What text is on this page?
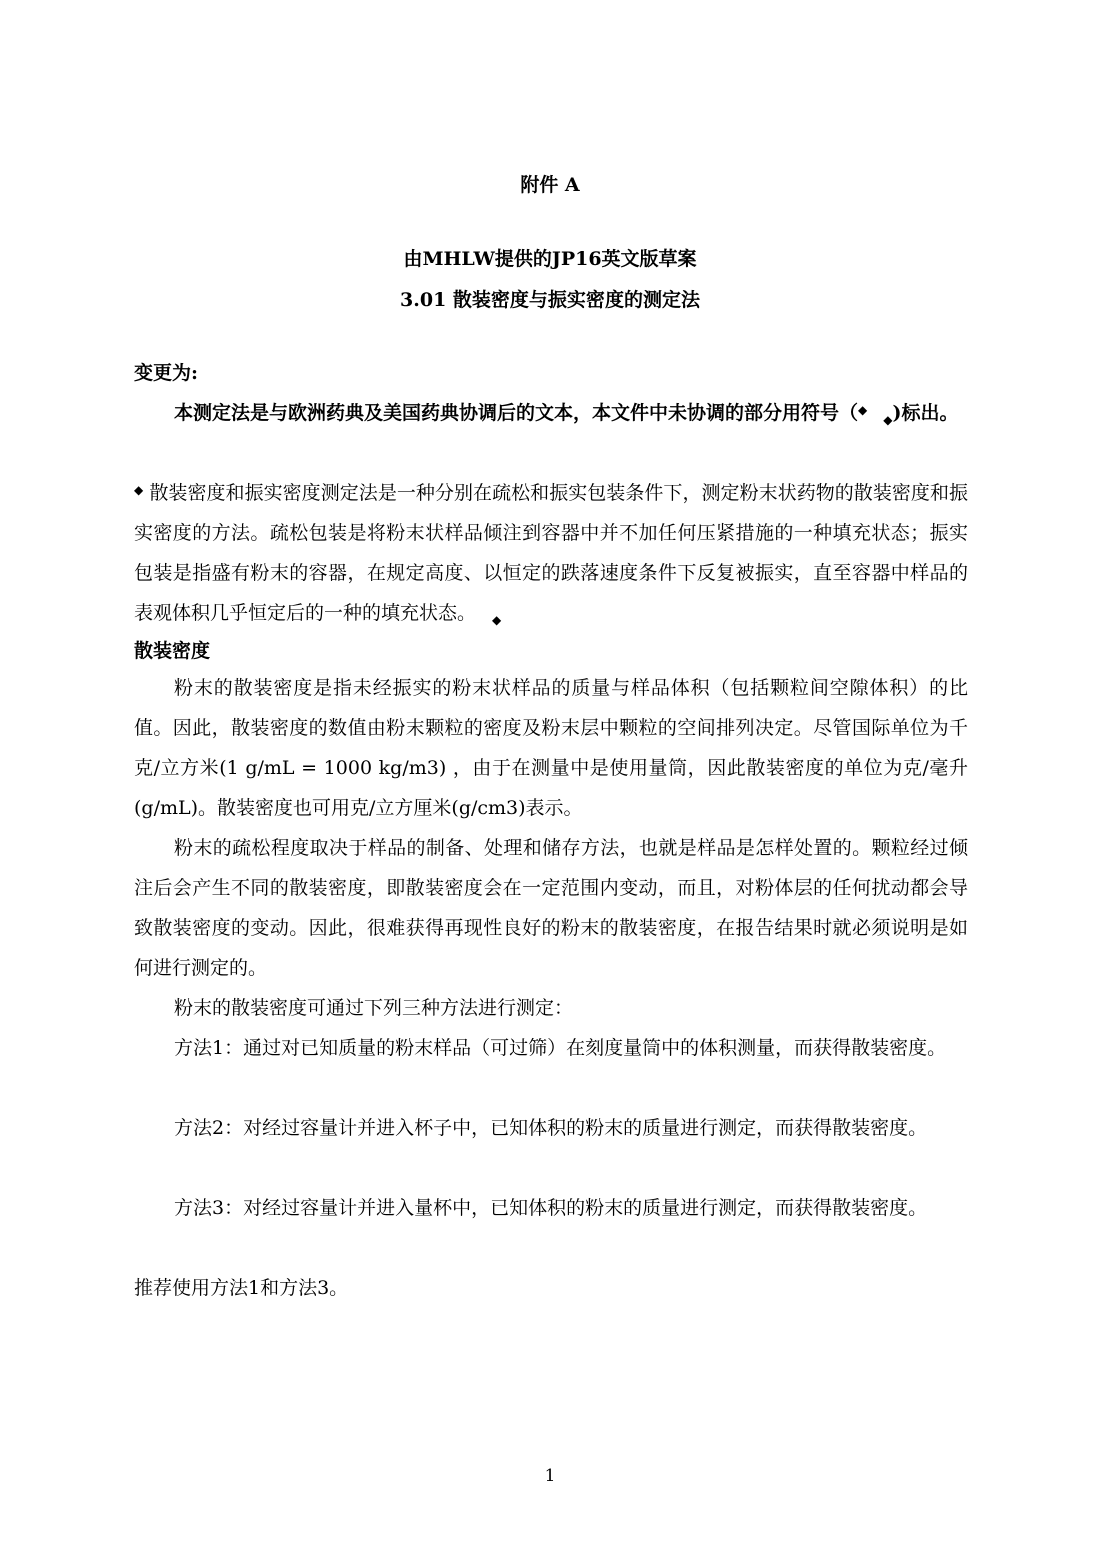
附件 A

由MHLW提供的JP16英文版草案

3.01 散装密度与振实密度的测定法

变更为:

本测定法是与欧洲药典及美国药典协调后的文本，本文件中未协调的部分用符号$(^◆_◆)$标出。

◆ 散装密度和振实密度测定法是一种分别在疏松和振实包装条件下，测定粉末状药物的散装密度和振实密度的方法。疏松包装是将粉末状样品倾注到容器中并不加任何压紧措施的一种填充状态；振实包装是指盛有粉末的容器，在规定高度、以恒定的跌落速度条件下反复被振实，直至容器中样品的表观体积几乎恒定后的一种的填充状态。 $_◆$

散装密度

粉末的散装密度是指未经振实的粉末状样品的质量与样品体积（包括颗粒间空隙体积）的比值。因此，散装密度的数值由粉末颗粒的密度及粉末层中颗粒的空间排列决定。尽管国际单位为千克/立方米(1 g/mL = 1000 kg/m3) ，由于在测量中是使用量筒，因此散装密度的单位为克/毫升(g/mL)。散装密度也可用克/立方厘米(g/cm3)表示。

粉末的疏松程度取决于样品的制备、处理和储存方法，也就是样品是怎样处置的。颗粒经过倾注后会产生不同的散装密度，即散装密度会在一定范围内变动，而且，对粉体层的任何扰动都会导致散装密度的变动。因此，很难获得再现性良好的粉末的散装密度，在报告结果时就必须说明是如何进行测定的。

粉末的散装密度可通过下列三种方法进行测定：

方法1：通过对已知质量的粉末样品（可过筛）在刻度量筒中的体积测量，而获得散装密度。

方法2：对经过容量计并进入杯子中，已知体积的粉末的质量进行测定，而获得散装密度。

方法3：对经过容量计并进入量杯中，已知体积的粉末的质量进行测定，而获得散装密度。

推荐使用方法1和方法3。

1
